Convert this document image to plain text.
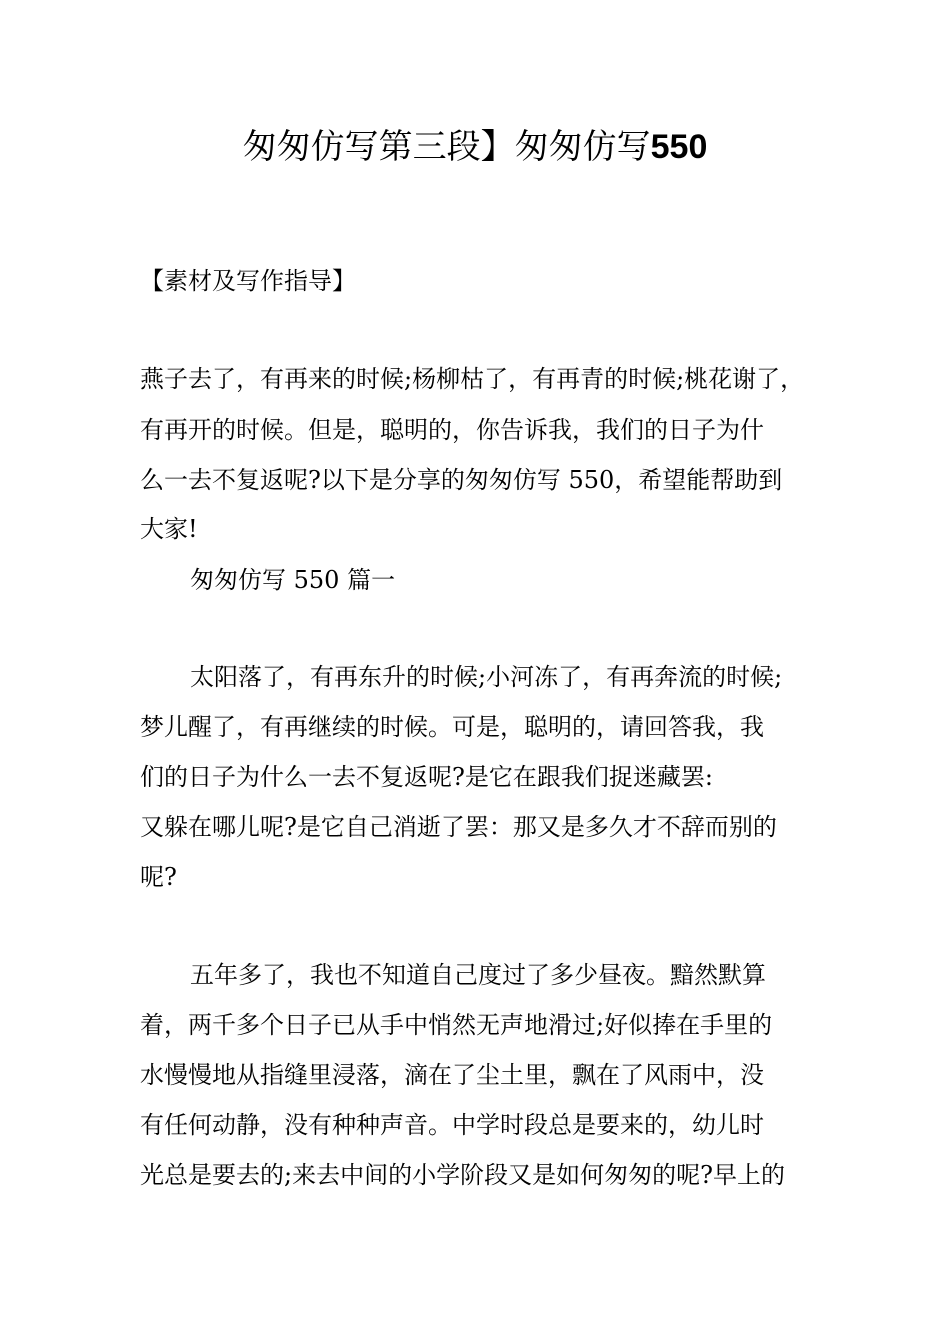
匆匆仿写第三段】匆匆仿写550

【素材及写作指导】

燕子去了，有再来的时候;杨柳枯了，有再青的时候;桃花谢了，

有再开的时候。但是，聪明的，你告诉我，我们的日子为什

么一去不复返呢?以下是分享的匆匆仿写 550，希望能帮助到

大家!

匆匆仿写 550 篇一

太阳落了，有再东升的时候;小河冻了，有再奔流的时候;

梦儿醒了，有再继续的时候。可是，聪明的，请回答我，我

们的日子为什么一去不复返呢?是它在跟我们捉迷藏罢:

又躲在哪儿呢?是它自己消逝了罢：那又是多久才不辞而别的

呢?

五年多了，我也不知道自己度过了多少昼夜。黯然默算

着，两千多个日子已从手中悄然无声地滑过;好似捧在手里的

水慢慢地从指缝里浸落，滴在了尘土里，飘在了风雨中，没

有任何动静，没有种种声音。中学时段总是要来的，幼儿时

光总是要去的;来去中间的小学阶段又是如何匆匆的呢?早上的
